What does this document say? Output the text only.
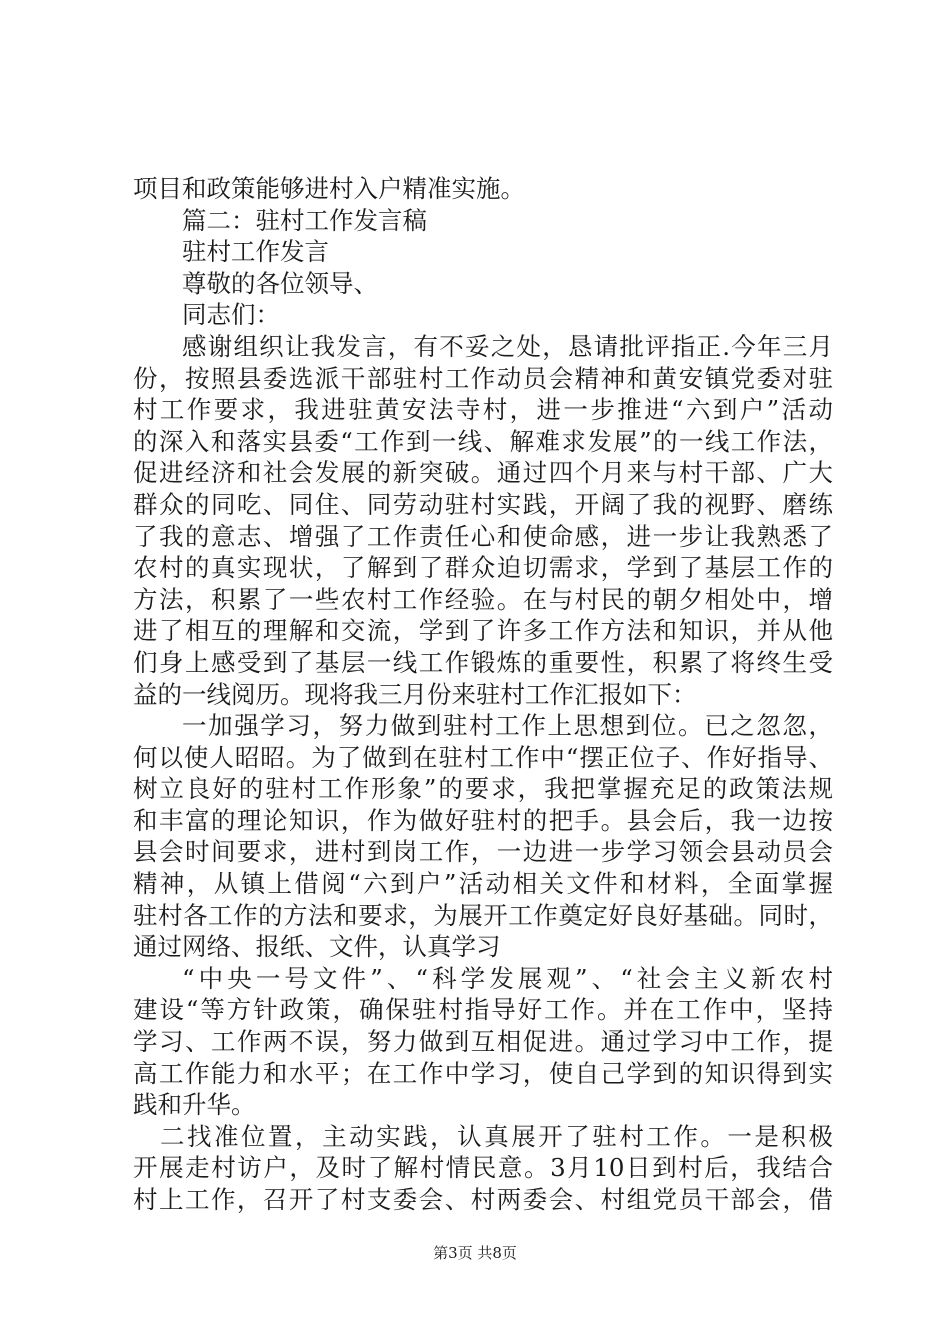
项目和政策能够进村入户精准实施。
篇二：驻村工作发言稿
驻村工作发言
尊敬的各位领导、
同志们：
感谢组织让我发言，有不妥之处，恳请批评指正.今年三月
份，按照县委选派干部驻村工作动员会精神和黄安镇党委对驻
村工作要求，我进驻黄安法寺村，进一步推进“六到户”活动
的深入和落实县委“工作到一线、解难求发展”的一线工作法，
促进经济和社会发展的新突破。通过四个月来与村干部、广大
群众的同吃、同住、同劳动驻村实践，开阔了我的视野、磨练
了我的意志、增强了工作责任心和使命感，进一步让我熟悉了
农村的真实现状，了解到了群众迫切需求，学到了基层工作的
方法，积累了一些农村工作经验。在与村民的朝夕相处中，增
进了相互的理解和交流，学到了许多工作方法和知识，并从他
们身上感受到了基层一线工作锻炼的重要性，积累了将终生受
益的一线阅历。现将我三月份来驻村工作汇报如下：
一加强学习，努力做到驻村工作上思想到位。已之忽忽，
何以使人昭昭。为了做到在驻村工作中“摆正位子、作好指导、
树立良好的驻村工作形象”的要求，我把掌握充足的政策法规
和丰富的理论知识，作为做好驻村的把手。县会后，我一边按
县会时间要求，进村到岗工作，一边进一步学习领会县动员会
精神，从镇上借阅“六到户”活动相关文件和材料，全面掌握
驻村各工作的方法和要求，为展开工作奠定好良好基础。同时，
通过网络、报纸、文件，认真学习
“中央一号文件”、“科学发展观”、“社会主义新农村
建设“等方针政策，确保驻村指导好工作。并在工作中，坚持
学习、工作两不误，努力做到互相促进。通过学习中工作，提
高工作能力和水平；在工作中学习，使自己学到的知识得到实
践和升华。
二找准位置，主动实践，认真展开了驻村工作。一是积极
开展走村访户，及时了解村情民意。3月10日到村后，我结合
村上工作，召开了村支委会、村两委会、村组党员干部会，借
第3页 共8页
